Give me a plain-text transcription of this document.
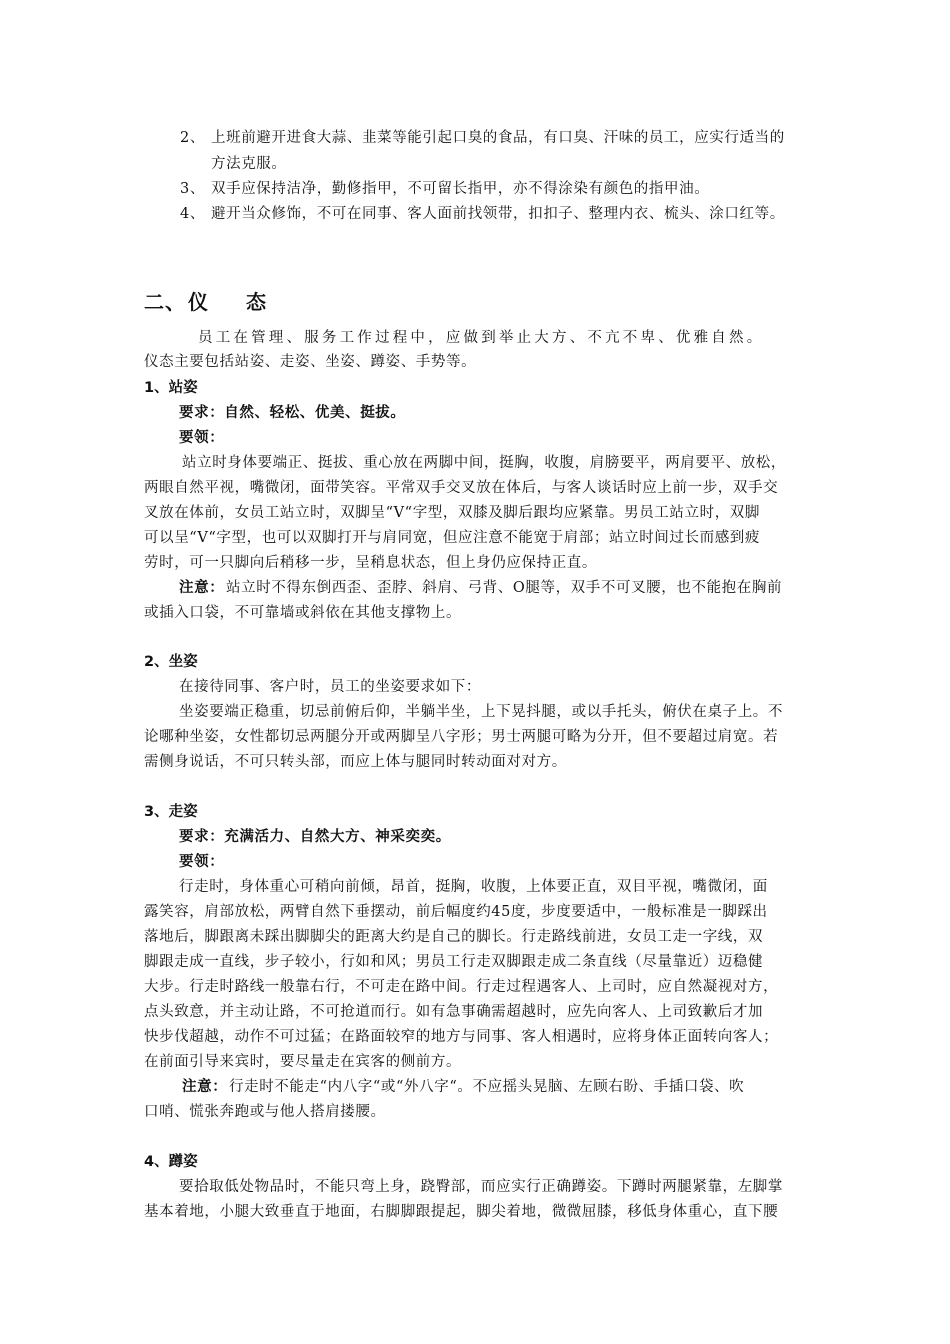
2、 上班前避开进食大蒜、韭菜等能引起口臭的食品，有口臭、汗味的员工，应实行适当的
方法克服。
3、 双手应保持洁净，勤修指甲，不可留长指甲，亦不得涂染有颜色的指甲油。
4、 避开当众修饰，不可在同事、客人面前找领带，扣扣子、整理内衣、梳头、涂口红等。
二、 仪 态
员工在管理、服务工作过程中，应做到举止大方、不亢不卑、优雅自然。
仪态主要包括站姿、走姿、坐姿、蹲姿、手势等。
1、站姿
要求：自然、轻松、优美、挺拔。
要领：
站立时身体要端正、挺拔、重心放在两脚中间，挺胸，收腹，肩膀要平，两肩要平、放松，
两眼自然平视，嘴微闭，面带笑容。平常双手交叉放在体后，与客人谈话时应上前一步，双手交
叉放在体前，女员工站立时，双脚呈“V“字型，双膝及脚后跟均应紧靠。男员工站立时，双脚
可以呈“V“字型，也可以双脚打开与肩同宽，但应注意不能宽于肩部；站立时间过长而感到疲
劳时，可一只脚向后稍移一步，呈稍息状态，但上身仍应保持正直。
注意： 站立时不得东倒西歪、歪脖、斜肩、弓背、O腿等，双手不可叉腰，也不能抱在胸前
或插入口袋，不可靠墙或斜依在其他支撑物上。
2、坐姿
在接待同事、客户时，员工的坐姿要求如下：
坐姿要端正稳重，切忌前俯后仰，半躺半坐，上下晃抖腿，或以手托头，俯伏在桌子上。不
论哪种坐姿，女性都切忌两腿分开或两脚呈八字形；男士两腿可略为分开，但不要超过肩宽。若
需侧身说话，不可只转头部，而应上体与腿同时转动面对对方。
3、走姿
要求：充满活力、自然大方、神采奕奕。
要领：
行走时，身体重心可稍向前倾，昂首，挺胸，收腹，上体要正直，双目平视，嘴微闭，面
露笑容，肩部放松，两臂自然下垂摆动，前后幅度约45度，步度要适中，一般标准是一脚踩出
落地后，脚跟离未踩出脚脚尖的距离大约是自己的脚长。行走路线前进，女员工走一字线，双
脚跟走成一直线，步子较小，行如和风；男员工行走双脚跟走成二条直线（尽量靠近）迈稳健
大步。行走时路线一般靠右行，不可走在路中间。行走过程遇客人、上司时，应自然凝视对方，
点头致意，并主动让路，不可抢道而行。如有急事确需超越时，应先向客人、上司致歉后才加
快步伐超越，动作不可过猛；在路面较窄的地方与同事、客人相遇时，应将身体正面转向客人；
在前面引导来宾时，要尽量走在宾客的侧前方。
注意： 行走时不能走“内八字“或“外八字“。不应摇头晃脑、左顾右盼、手插口袋、吹
口哨、慌张奔跑或与他人搭肩搂腰。
4、蹲姿
要拾取低处物品时，不能只弯上身，跷臀部，而应实行正确蹲姿。下蹲时两腿紧靠，左脚掌
基本着地，小腿大致垂直于地面，右脚脚跟提起，脚尖着地，微微屈膝，移低身体重心，直下腰
